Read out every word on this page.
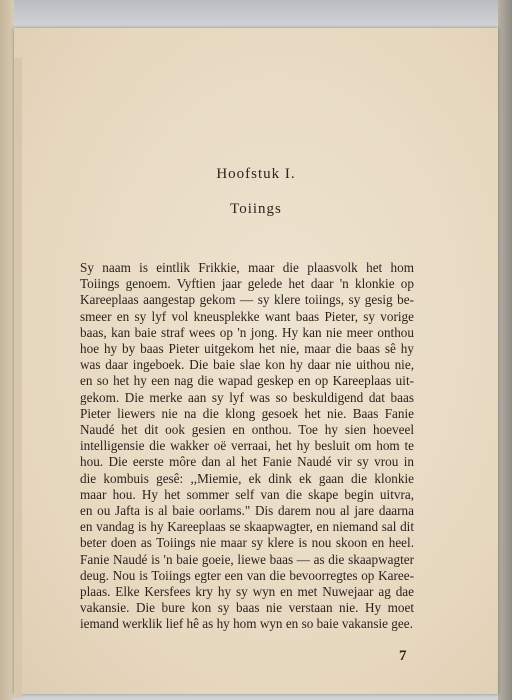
Hoofstuk I.
Toiings
Sy naam is eintlik Frikkie, maar die plaasvolk het hom
Toiings genoem. Vyftien jaar gelede het daar 'n klonkie op
Kareeplaas aangestap gekom — sy klere toiings, sy gesig be-
smeer en sy lyf vol kneusplekke want baas Pieter, sy vorige
baas, kan baie straf wees op 'n jong. Hy kan nie meer onthou
hoe hy by baas Pieter uitgekom het nie, maar die baas sê hy
was daar ingeboek. Die baie slae kon hy daar nie uithou nie,
en so het hy een nag die wapad geskep en op Kareeplaas uit-
gekom. Die merke aan sy lyf was so beskuldigend dat baas
Pieter liewers nie na die klong gesoek het nie. Baas Fanie
Naudé het dit ook gesien en onthou. Toe hy sien hoeveel
intelligensie die wakker oë verraai, het hy besluit om hom te
hou. Die eerste môre dan al het Fanie Naudé vir sy vrou in
die kombuis gesê: ,,Miemie, ek dink ek gaan die klonkie
maar hou. Hy het sommer self van die skape begin uitvra,
en ou Jafta is al baie oorlams." Dis darem nou al jare daarna
en vandag is hy Kareeplaas se skaapwagter, en niemand sal dit
beter doen as Toiings nie maar sy klere is nou skoon en heel.
Fanie Naudé is 'n baie goeie, liewe baas — as die skaapwagter
deug. Nou is Toiings egter een van die bevoorregtes op Karee-
plaas. Elke Kersfees kry hy sy wyn en met Nuwejaar ag dae
vakansie. Die bure kon sy baas nie verstaan nie. Hy moet
iemand werklik lief hê as hy hom wyn en so baie vakansie gee.
7
